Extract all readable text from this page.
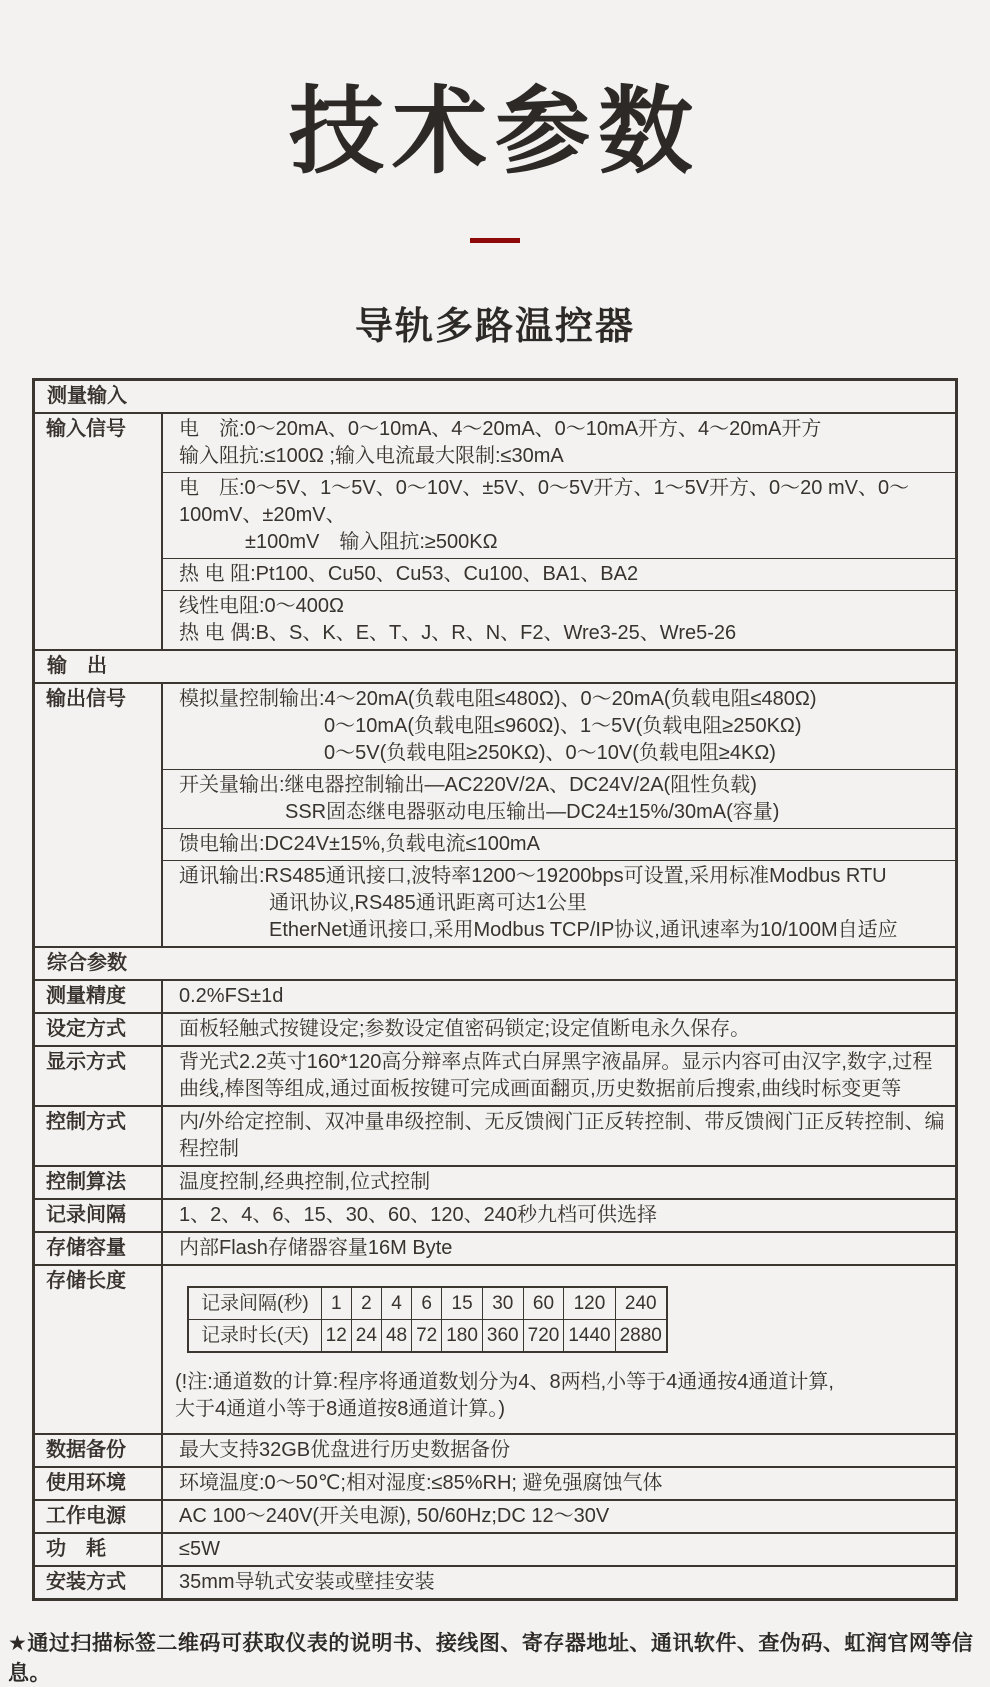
技术参数
导轨多路温控器
测量输入
输入信号	电　流:0～20mA、0～10mA、4～20mA、0～10mA开方、4～20mA开方
输入阻抗:≤100Ω ;输入电流最大限制:≤30mA
电　压:0～5V、1～5V、0～10V、±5V、0～5V开方、1～5V开方、0～20 mV、0～100mV、±20mV、
±100mV　输入阻抗:≥500KΩ
热 电 阻:Pt100、Cu50、Cu53、Cu100、BA1、BA2
线性电阻:0～400Ω
热 电 偶:B、S、K、E、T、J、R、N、F2、Wre3-25、Wre5-26
输　出
输出信号	模拟量控制输出:4～20mA(负载电阻≤480Ω)、0～20mA(负载电阻≤480Ω)
0～10mA(负载电阻≤960Ω)、1～5V(负载电阻≥250KΩ)
0～5V(负载电阻≥250KΩ)、0～10V(负载电阻≥4KΩ)
开关量输出:继电器控制输出—AC220V/2A、DC24V/2A(阻性负载)
SSR固态继电器驱动电压输出—DC24±15%/30mA(容量)
馈电输出:DC24V±15%,负载电流≤100mA
通讯输出:RS485通讯接口,波特率1200～19200bps可设置,采用标准Modbus RTU
通讯协议,RS485通讯距离可达1公里
EtherNet通讯接口,采用Modbus TCP/IP协议,通讯速率为10/100M自适应
综合参数
测量精度	0.2%FS±1d
设定方式	面板轻触式按键设定;参数设定值密码锁定;设定值断电永久保存。
显示方式	背光式2.2英寸160*120高分辩率点阵式白屏黑字液晶屏。显示内容可由汉字,数字,过程曲线,棒图等组成,通过面板按键可完成画面翻页,历史数据前后搜索,曲线时标变更等
控制方式	内/外给定控制、双冲量串级控制、无反馈阀门正反转控制、带反馈阀门正反转控制、编程控制
控制算法	温度控制,经典控制,位式控制
记录间隔	1、2、4、6、15、30、60、120、240秒九档可供选择
存储容量	内部Flash存储器容量16M Byte
存储长度
记录间隔(秒)	1	2	4	6	15	30	60	120	240
记录时长(天)	12	24	48	72	180	360	720	1440	2880
(!注:通道数的计算:程序将通道数划分为4、8两档,小等于4通通按4通道计算,
大于4通道小等于8通道按8通道计算。)
数据备份	最大支持32GB优盘进行历史数据备份
使用环境	环境温度:0～50℃;相对湿度:≤85%RH; 避免强腐蚀气体
工作电源	AC 100～240V(开关电源), 50/60Hz;DC 12～30V
功　耗	≤5W
安装方式	35mm导轨式安装或壁挂安装
★通过扫描标签二维码可获取仪表的说明书、接线图、寄存器地址、通讯软件、查伪码、虹润官网等信息。
